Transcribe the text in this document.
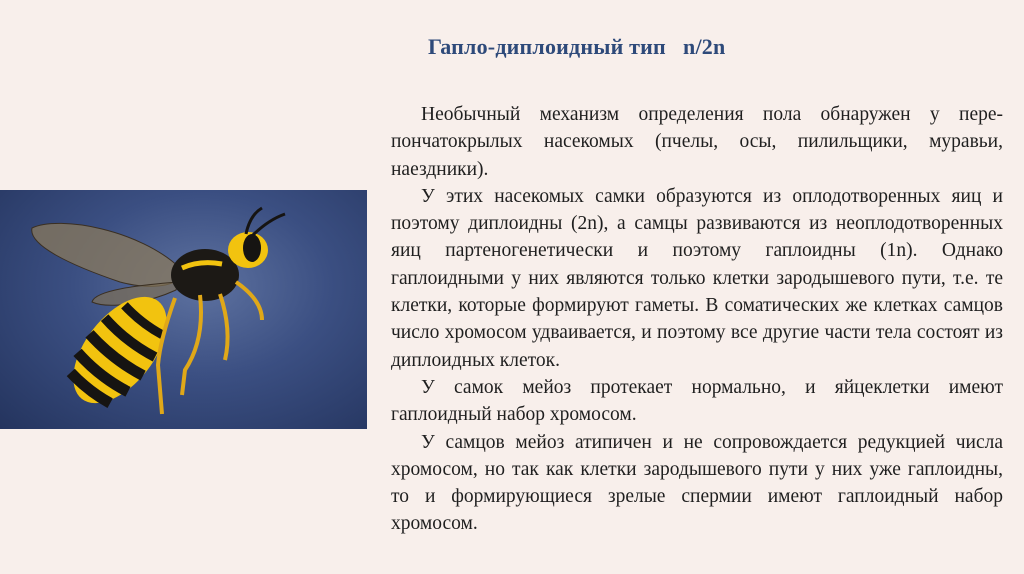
Гапло-диплоидный тип   n/2n

Необычный механизм определения пола обнаружен у пере- пончатокрылых насекомых (пчелы, осы, пилильщики, муравьи, наездники).

У этих насекомых самки образуются из оплодотворенных яиц и поэтому диплоидны (2n), а самцы развиваются из неоплодотворенных яиц партеногенетически и поэтому гаплоидны (1n). Однако гаплоидными у них являются только клетки зародышевого пути, т.е. те клетки, которые формируют гаметы. В соматических же клетках самцов число хромосом удваивается, и поэтому все другие части тела состоят из диплоидных клеток.

У самок мейоз протекает нормально, и яйцеклетки имеют гаплоидный набор хромосом.

У самцов мейоз атипичен и не сопровождается редукцией числа хромосом, но так как клетки зародышевого пути у них уже гаплоидны, то и формирующиеся зрелые спермии имеют гаплоидный набор хромосом.
